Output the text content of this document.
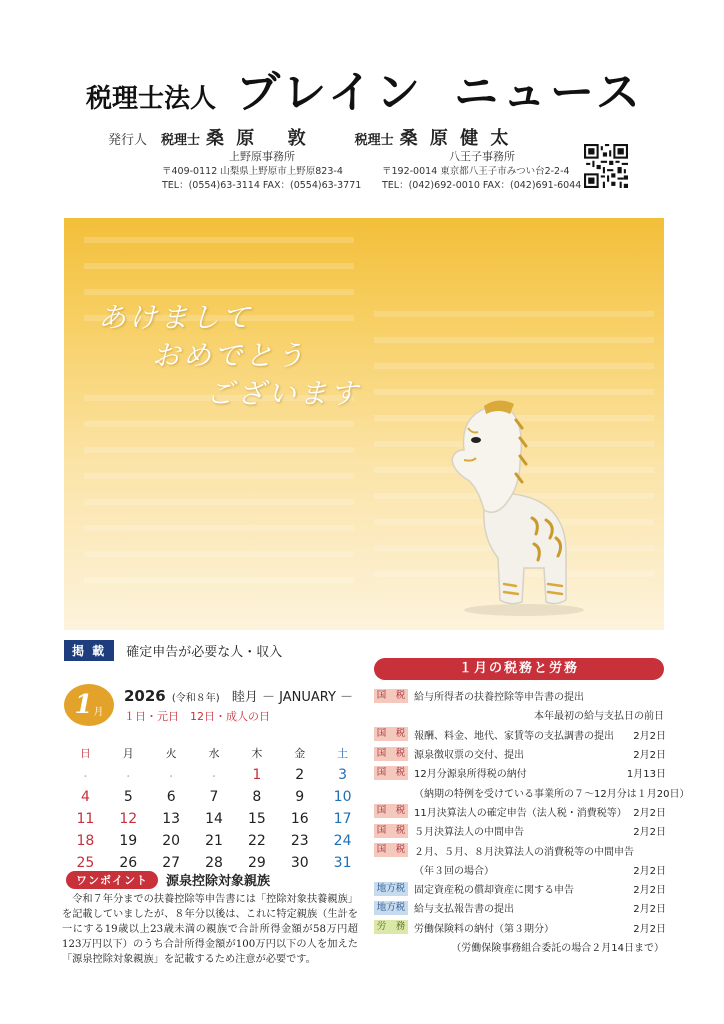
税理士法人 ブレイン ニュース
発行人 税理士 桑 原　 敦	税理士 桑 原 健 太
上野原事務所
〒409-0112 山梨県上野原市上野原823-4
TEL：(0554)63-3114 FAX：(0554)63-3771
八王子事務所
〒192-0014 東京都八王子市みつい台2-2-4
TEL：(042)692-0010 FAX：(042)691-6044
あけまして
おめでとう
ございます
掲 載	確定申告が必要な人・収入
1 月
2026 (令和８年) 睦月 － JANUARY －
１日・元日　12日・成人の日
日	月	火	水	木	金	土
・	・	・	・	1	2	3
4	5	6	7	8	9	10
11	12	13	14	15	16	17
18	19	20	21	22	23	24
25	26	27	28	29	30	31
ワンポイント	源泉控除対象親族
令和７年分までの扶養控除等申告書には「控除対象扶養親族」を記載していましたが、８年分以後は、これに特定親族（生計を一にする19歳以上23歳未満の親族で合計所得金額が58万円超123万円以下）のうち合計所得金額が100万円以下の人を加えた「源泉控除対象親族」を記載するため注意が必要です。
１月の税務と労務
国　税 給与所得者の扶養控除等申告書の提出
本年最初の給与支払日の前日
国　税 報酬、料金、地代、家賃等の支払調書の提出	2月2日
国　税 源泉徴収票の交付、提出	2月2日
国　税 12月分源泉所得税の納付	1月13日
（納期の特例を受けている事業所の７～12月分は１月20日）
国　税 11月決算法人の確定申告（法人税・消費税等） 2月2日
国　税 ５月決算法人の中間申告	2月2日
国　税 ２月、５月、８月決算法人の消費税等の中間申告
（年３回の場合）	2月2日
地方税 固定資産税の償却資産に関する申告	2月2日
地方税 給与支払報告書の提出	2月2日
労　務 労働保険料の納付（第３期分）	2月2日
（労働保険事務組合委託の場合２月14日まで）
